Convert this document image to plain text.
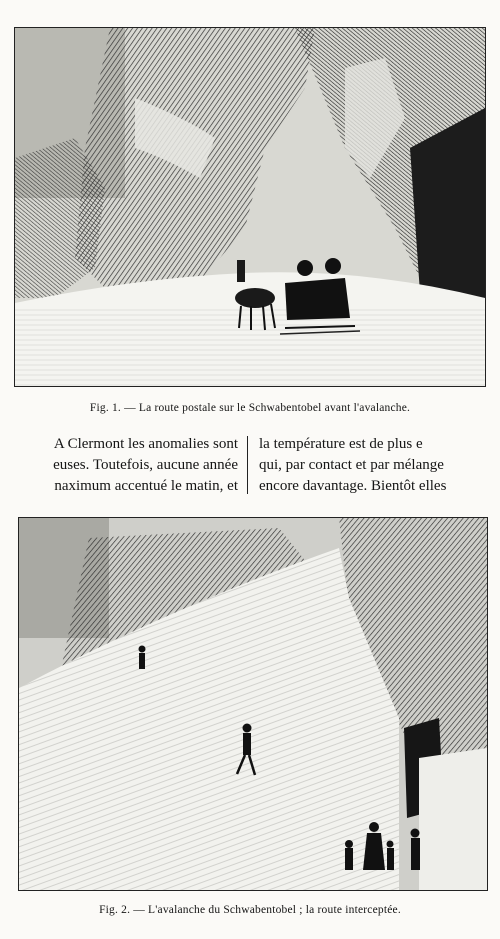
Fig. 1. — La route postale sur le Schwabentobel avant l'avalanche.
A Clermont les anomalies sont
euses. Toutefois, aucune année
naximum accentué le matin, et
la température est de plus e
qui, par contact et par mélange
encore davantage. Bientôt elles
Fig. 2. — L'avalanche du Schwabentobel ; la route interceptée.
